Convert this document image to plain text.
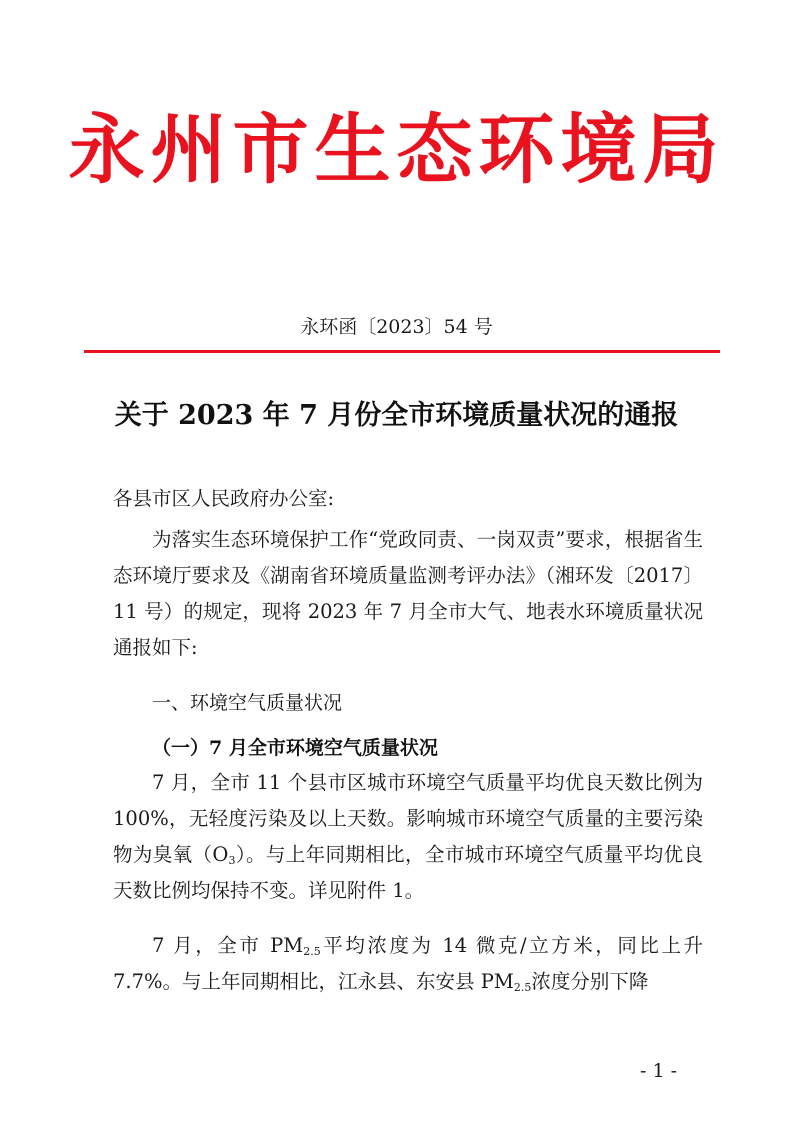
永州市生态环境局
永环函〔2023〕54 号
关于 2023 年 7 月份全市环境质量状况的通报
各县市区人民政府办公室:
为落实生态环境保护工作“党政同责、一岗双责”要求，根据省生态环境厅要求及《湖南省环境质量监测考评办法》（湘环发〔2017〕11 号）的规定，现将 2023 年 7 月全市大气、地表水环境质量状况通报如下:
一、环境空气质量状况
（一）7 月全市环境空气质量状况
7 月，全市 11 个县市区城市环境空气质量平均优良天数比例为 100%，无轻度污染及以上天数。影响城市环境空气质量的主要污染物为臭氧$(O_3)$。与上年同期相比，全市城市环境空气质量平均优良天数比例均保持不变。详见附件 1。
7 月，全市 $PM_{2.5}$平均浓度为 14 微克/立方米，同比上升 7.7%。与上年同期相比，江永县、东安县 $PM_{2.5}$浓度分别下降
- 1 -
